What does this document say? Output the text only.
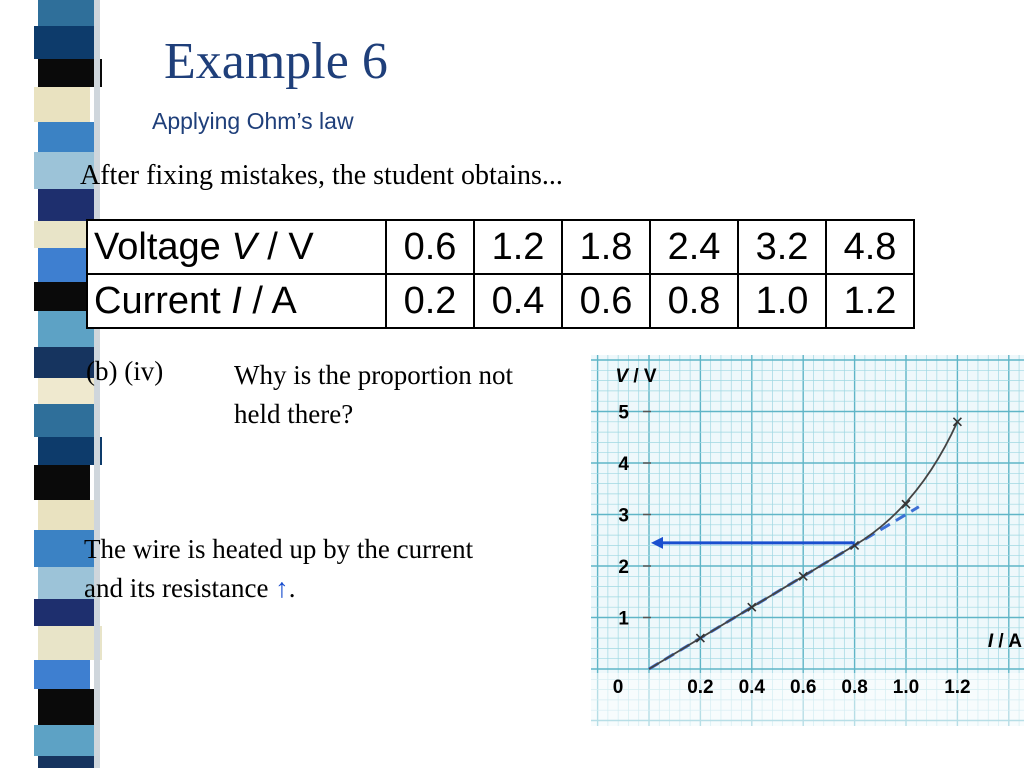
Example 6
Applying Ohm’s law
After fixing mistakes, the student obtains...
Voltage V / V	0.6	1.2	1.8	2.4	3.2	4.8
Current I / A	0.2	0.4	0.6	0.8	1.0	1.2
(b) (iv)	Why is the proportion not held there?
The wire is heated up by the current and its resistance ↑.
1
2
3
4
5
0.2 0.4 0.6 0.8 1.0 1.2
0
V / V
I / A
